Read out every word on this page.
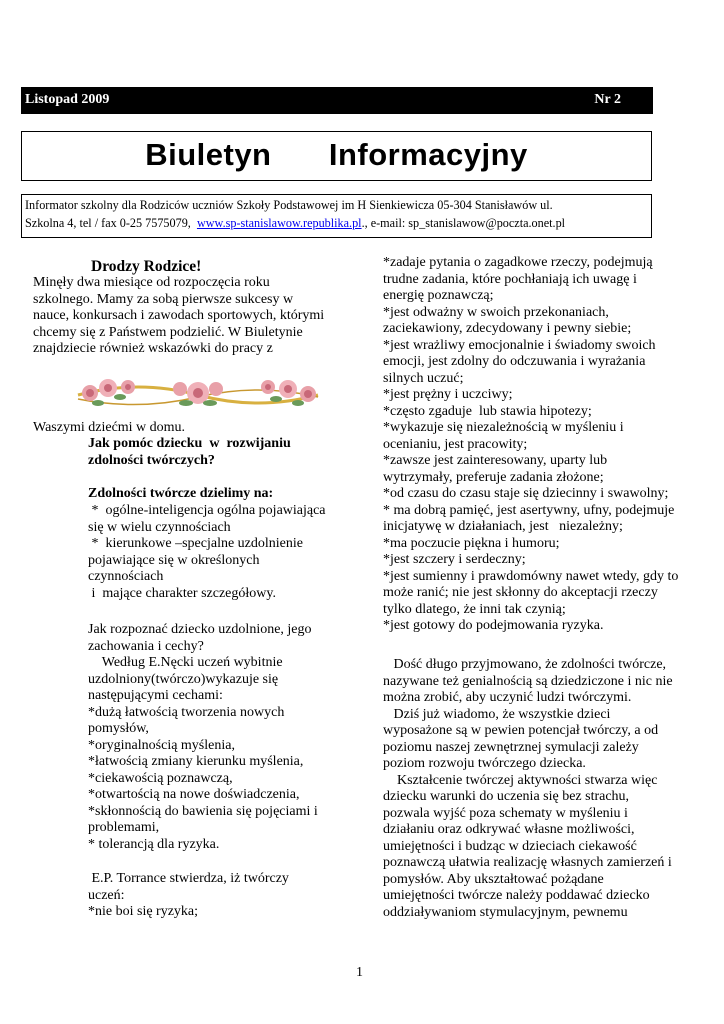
Listopad 2009	Nr 2
Biuletyn   Informacyjny
Informator szkolny dla Rodziców uczniów Szkoły Podstawowej im H Sienkiewicza 05-304 Stanisławów ul.
Szkolna 4, tel / fax 0-25 7575079,  www.sp-stanislawow.republika.pl., e-mail: sp_stanislawow@poczta.onet.pl
Drodzy Rodzice!
Minęły dwa miesiące od rozpoczęcia roku
szkolnego. Mamy za sobą pierwsze sukcesy w
nauce, konkursach i zawodach sportowych, którymi
chcemy się z Państwem podzielić. W Biuletynie
znajdziecie również wskazówki do pracy z
Waszymi dziećmi w domu.
Jak pomóc dziecku  w  rozwijaniu
zdolności twórczych?
Zdolności twórcze dzielimy na:
*  ogólne-inteligencja ogólna pojawiająca
się w wielu czynnościach
*  kierunkowe –specjalne uzdolnienie
pojawiające się w określonych
czynnościach
i  mające charakter szczegółowy.
Jak rozpoznać dziecko uzdolnione, jego
zachowania i cechy?
Według E.Nęcki uczeń wybitnie
uzdolniony(twórczo)wykazuje się
następującymi cechami:
*dużą łatwością tworzenia nowych
pomysłów,
*oryginalnością myślenia,
*łatwością zmiany kierunku myślenia,
*ciekawością poznawczą,
*otwartością na nowe doświadczenia,
*skłonnością do bawienia się pojęciami i
problemami,
* tolerancją dla ryzyka.
E.P. Torrance stwierdza, iż twórczy
uczeń:
*nie boi się ryzyka;
*zadaje pytania o zagadkowe rzeczy, podejmują
trudne zadania, które pochłaniają ich uwagę i
energię poznawczą;
*jest odważny w swoich przekonaniach,
zaciekawiony, zdecydowany i pewny siebie;
*jest wrażliwy emocjonalnie i świadomy swoich
emocji, jest zdolny do odczuwania i wyrażania
silnych uczuć;
*jest prężny i uczciwy;
*często zgaduje  lub stawia hipotezy;
*wykazuje się niezależnością w myśleniu i
ocenianiu, jest pracowity;
*zawsze jest zainteresowany, uparty lub
wytrzymały, preferuje zadania złożone;
*od czasu do czasu staje się dziecinny i swawolny;
* ma dobrą pamięć, jest asertywny, ufny, podejmuje
inicjatywę w działaniach, jest   niezależny;
*ma poczucie piękna i humoru;
*jest szczery i serdeczny;
*jest sumienny i prawdomówny nawet wtedy, gdy to
może ranić; nie jest skłonny do akceptacji rzeczy
tylko dlatego, że inni tak czynią;
*jest gotowy do podejmowania ryzyka.
Dość długo przyjmowano, że zdolności twórcze,
nazywane też genialnością są dziedziczone i nic nie
można zrobić, aby uczynić ludzi twórczymi.
Dziś już wiadomo, że wszystkie dzieci
wyposażone są w pewien potencjał twórczy, a od
poziomu naszej zewnętrznej symulacji zależy
poziom rozwoju twórczego dziecka.
Kształcenie twórczej aktywności stwarza więc
dziecku warunki do uczenia się bez strachu,
pozwala wyjść poza schematy w myśleniu i
działaniu oraz odkrywać własne możliwości,
umiejętności i budząc w dzieciach ciekawość
poznawczą ułatwia realizację własnych zamierzeń i
pomysłów. Aby ukształtować pożądane
umiejętności twórcze należy poddawać dziecko
oddziaływaniom stymulacyjnym, pewnemu
1
